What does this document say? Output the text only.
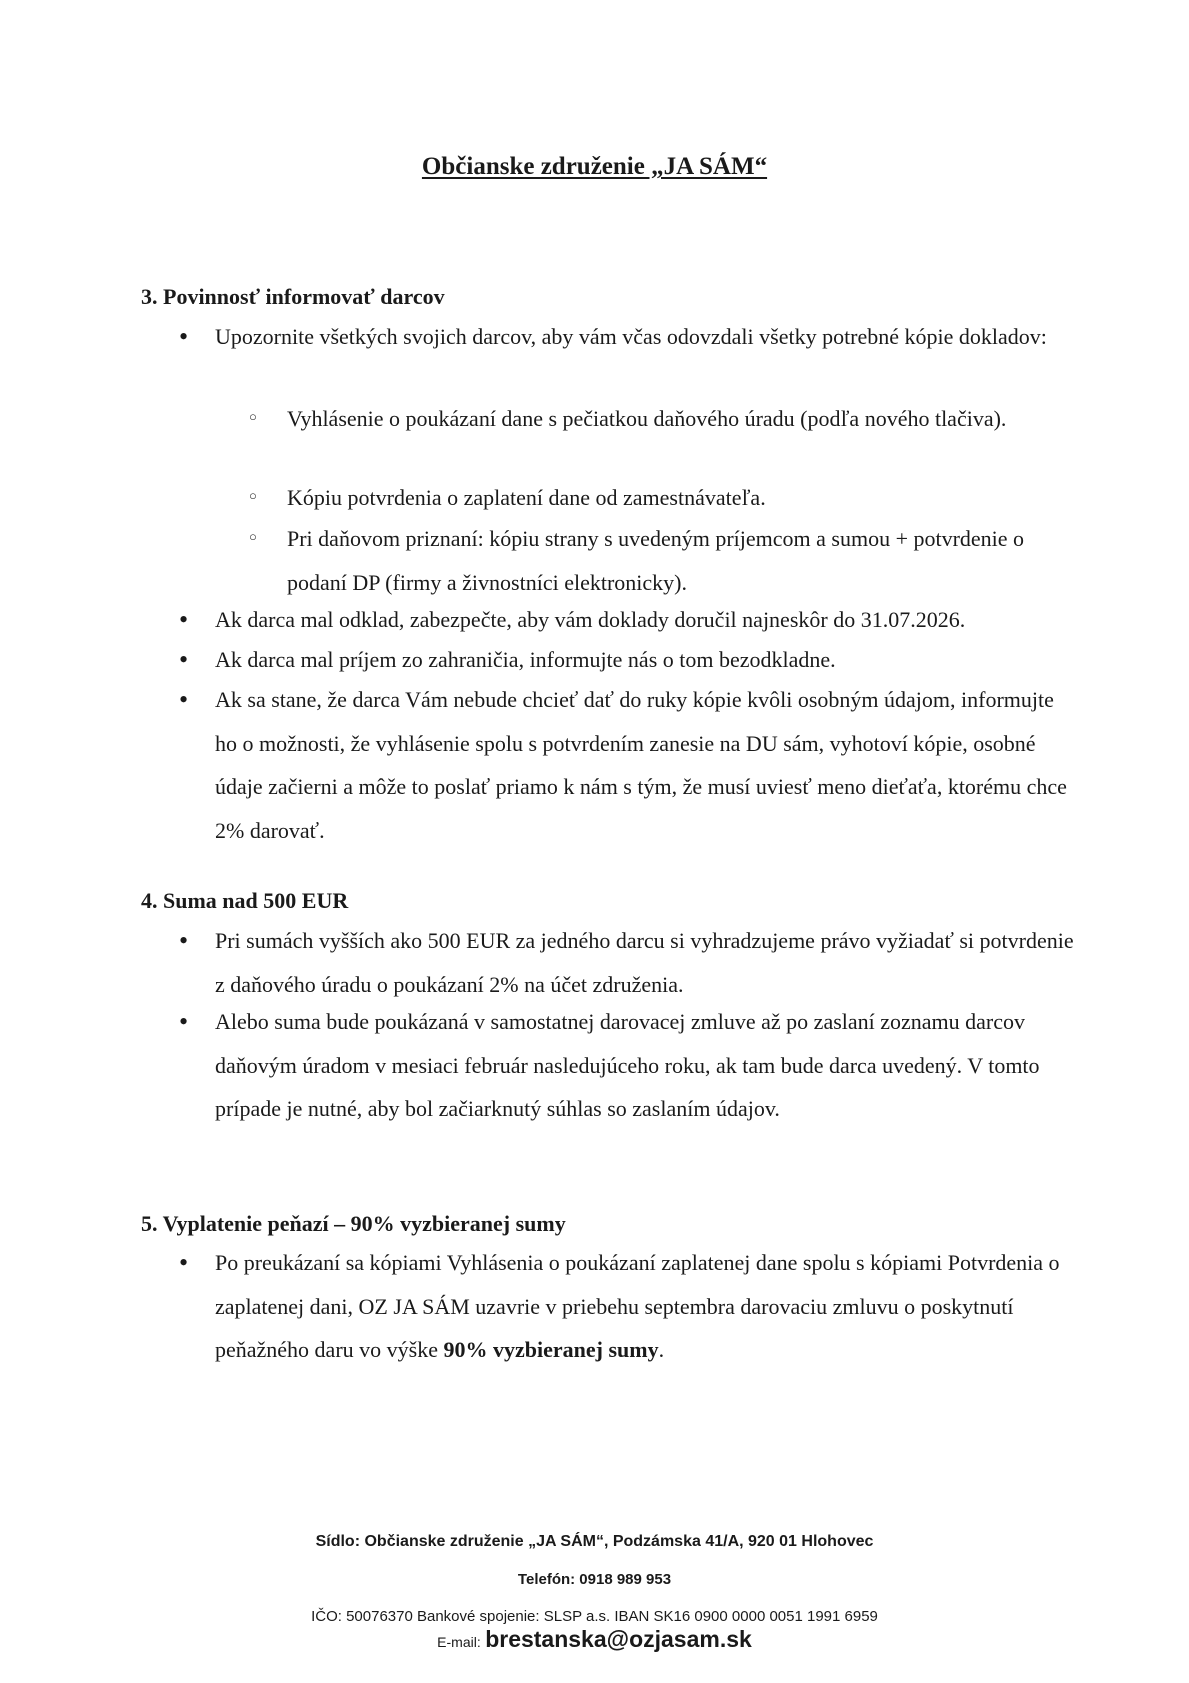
Občianske združenie „JA SÁM“
3. Povinnosť informovať darcov
• Upozornite všetkých svojich darcov, aby vám včas odovzdali všetky potrebné kópie dokladov:
○ Vyhlásenie o poukázaní dane s pečiatkou daňového úradu (podľa nového tlačiva).
○ Kópiu potvrdenia o zaplatení dane od zamestnávateľa.
○ Pri daňovom priznaní: kópiu strany s uvedeným príjemcom a sumou + potvrdenie o podaní DP (firmy a živnostníci elektronicky).
• Ak darca mal odklad, zabezpečte, aby vám doklady doručil najneskôr do 31.07.2026.
• Ak darca mal príjem zo zahraničia, informujte nás o tom bezodkladne.
• Ak sa stane, že darca Vám nebude chcieť dať do ruky kópie kvôli osobným údajom, informujte ho o možnosti, že vyhlásenie spolu s potvrdením zanesie na DU sám, vyhotoví kópie, osobné údaje začierni a môže to poslať priamo k nám s tým, že musí uviesť meno dieťaťa, ktorému chce 2% darovať.
4. Suma nad 500 EUR
• Pri sumách vyšších ako 500 EUR za jedného darcu si vyhradzujeme právo vyžiadať si potvrdenie z daňového úradu o poukázaní 2% na účet združenia.
• Alebo suma bude poukázaná v samostatnej darovacej zmluve až po zaslaní zoznamu darcov daňovým úradom v mesiaci február nasledujúceho roku, ak tam bude darca uvedený. V tomto prípade je nutné, aby bol začiarknutý súhlas so zaslaním údajov.
5. Vyplatenie peňazí – 90% vyzbieranej sumy
• Po preukázaní sa kópiami Vyhlásenia o poukázaní zaplatenej dane spolu s kópiami Potvrdenia o zaplatenej dani, OZ JA SÁM uzavrie v priebehu septembra darovaciu zmluvu o poskytnutí peňažného daru vo výške 90% vyzbieranej sumy.
Sídlo: Občianske združenie „JA SÁM“, Podzámska 41/A, 920 01 Hlohovec
Telefón: 0918 989 953
IČO: 50076370 Bankové spojenie: SLSP a.s. IBAN SK16 0900 0000 0051 1991 6959
E-mail: brestanska@ozjasam.sk
